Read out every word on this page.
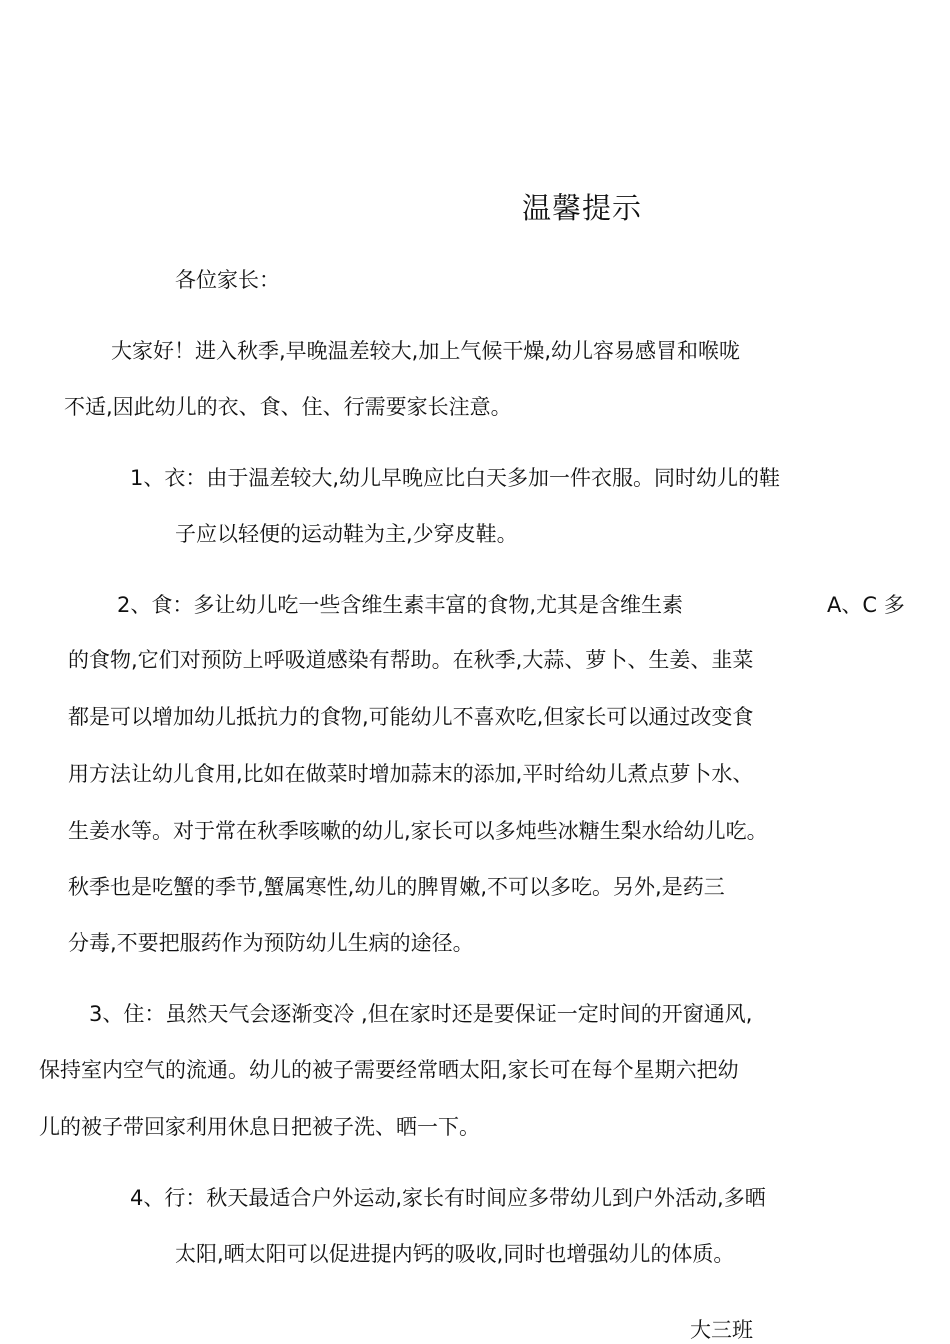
温馨提示
各位家长：
大家好！进入秋季,早晚温差较大,加上气候干燥,幼儿容易感冒和喉咙
不适,因此幼儿的衣、食、住、行需要家长注意。
1、衣：由于温差较大,幼儿早晚应比白天多加一件衣服。同时幼儿的鞋
子应以轻便的运动鞋为主,少穿皮鞋。
2、食：多让幼儿吃一些含维生素丰富的食物,尤其是含维生素	A、C 多
的食物,它们对预防上呼吸道感染有帮助。在秋季,大蒜、萝卜、生姜、韭菜
都是可以增加幼儿抵抗力的食物,可能幼儿不喜欢吃,但家长可以通过改变食
用方法让幼儿食用,比如在做菜时增加蒜末的添加,平时给幼儿煮点萝卜水、
生姜水等。对于常在秋季咳嗽的幼儿,家长可以多炖些冰糖生梨水给幼儿吃。
秋季也是吃蟹的季节,蟹属寒性,幼儿的脾胃嫩,不可以多吃。另外,是药三
分毒,不要把服药作为预防幼儿生病的途径。
3、住：虽然天气会逐渐变冷 ,但在家时还是要保证一定时间的开窗通风,
保持室内空气的流通。幼儿的被子需要经常晒太阳,家长可在每个星期六把幼
儿的被子带回家利用休息日把被子洗、晒一下。
4、行：秋天最适合户外运动,家长有时间应多带幼儿到户外活动,多晒
太阳,晒太阳可以促进提内钙的吸收,同时也增强幼儿的体质。
大三班
